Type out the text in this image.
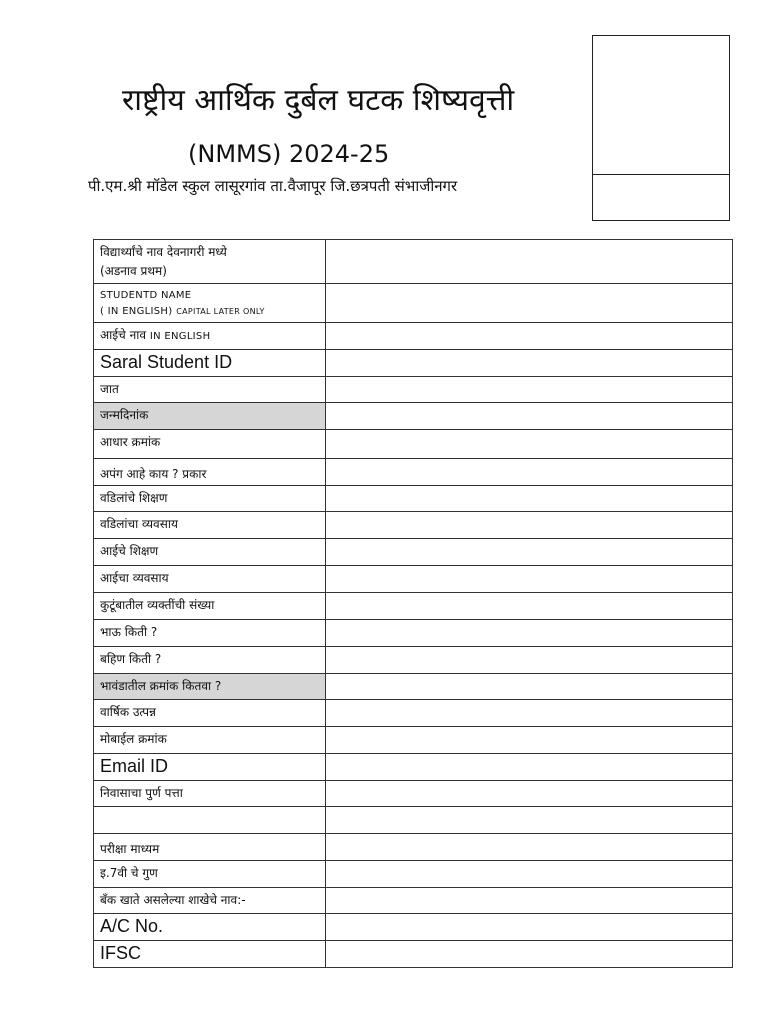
राष्ट्रीय आर्थिक दुर्बल घटक शिष्यवृत्ती
(NMMS) 2024-25
पी.एम.श्री मॉडेल स्कुल लासूरगांव ता.वैजापूर जि.छत्रपती संभाजीनगर
विद्यार्थ्यांचे नाव देवनागरी मध्ये
(अडनाव प्रथम)	

STUDENTD NAME
( IN ENGLISH) CAPITAL LATER ONLY	

आईचे नाव IN ENGLISH	
Saral Student ID	
जात	
जन्मदिनांक	
आधार क्रमांक	
अपंग आहे काय ? प्रकार	
वडिलांचे शिक्षण	
वडिलांचा व्यवसाय	
आईचे शिक्षण	
आईचा व्यवसाय	
कुटूंबातील व्यक्तींची संख्या	
भाऊ किती ?	
बहिण किती ?	
भावंडातील क्रमांक कितवा ?	
वार्षिक उत्पन्न	
मोबाईल क्रमांक	
Email ID	
निवासाचा पुर्ण पत्ता	

परीक्षा माध्यम	
इ.7वी चे गुण	
बँक खाते असलेल्या शाखेचे नाव:-	
A/C No.	
IFSC	
